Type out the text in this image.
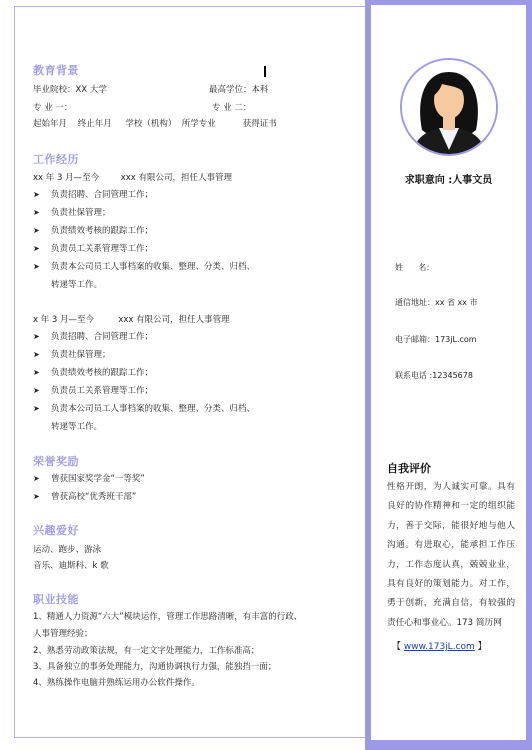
教育背景
毕业院校：XX 大学	最高学位：本科
专 业 一：	专 业 二：
起始年月    终止年月     学校（机构）  所学专业          获得证书
工作经历
xx 年 3 月—至今        xxx 有限公司，担任人事管理
➤ 负责招聘、合同管理工作；
➤ 负责社保管理；
➤ 负责绩效考核的跟踪工作；
➤ 负责员工关系管理等工作；
➤ 负责本公司员工人事档案的收集、整理、分类、归档、
转递等工作。
x 年 3 月—至今         xxx 有限公司，担任人事管理
➤ 负责招聘、合同管理工作；
➤ 负责社保管理；
➤ 负责绩效考核的跟踪工作；
➤ 负责员工关系管理等工作；
➤ 负责本公司员工人事档案的收集、整理、分类、归档、
转递等工作。
荣誉奖励
➤ 曾获国家奖学金“一等奖”
➤ 曾获高校“优秀班干部”
兴趣爱好
运动、跑步、游泳
音乐、迪斯科、k 歌
职业技能
1、精通人力资源“六大”模块运作，管理工作思路清晰，有丰富的行政、
人事管理经验；
2、熟悉劳动政策法规，有一定文字处理能力，工作标准高；
3、具备独立的事务处理能力，沟通协调执行力强，能独挡一面；
4、熟练操作电脑并熟练运用办公软件操作。
求职意向 :人事文员
姓      名：
通信地址：xx 省 xx 市
电子邮箱：173jL.com
联系电话 :12345678
自我评价
性格开朗，为人诚实可靠。具有良好的协作精神和一定的组织能力，善于交际，能很好地与他人沟通。有进取心，能承担工作压力，工作态度认真，兢兢业业，具有良好的策划能力。对工作，勇于创新，充满自信，有较强的责任心和事业心。173 简历网
【 www.173jL.com 】
